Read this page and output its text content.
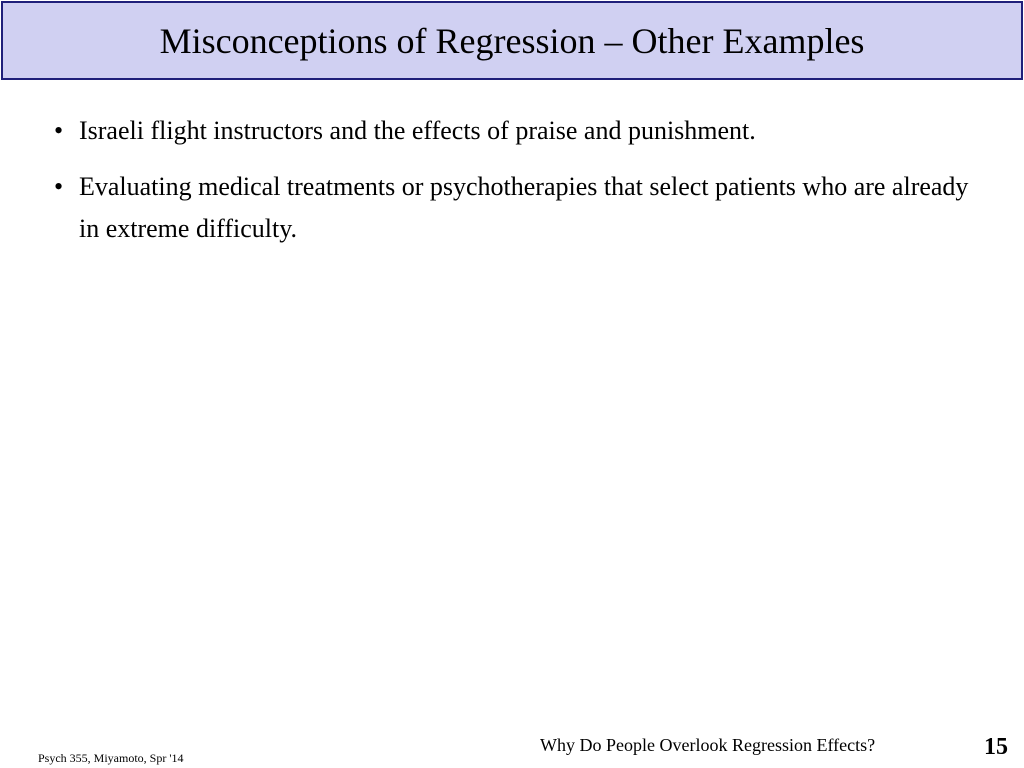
Misconceptions of Regression – Other Examples
• Israeli flight instructors and the effects of praise and punishment.
• Evaluating medical treatments or psychotherapies that select patients who are already in extreme difficulty.
Psych 355, Miyamoto, Spr '14
Why Do People Overlook Regression Effects?	15
